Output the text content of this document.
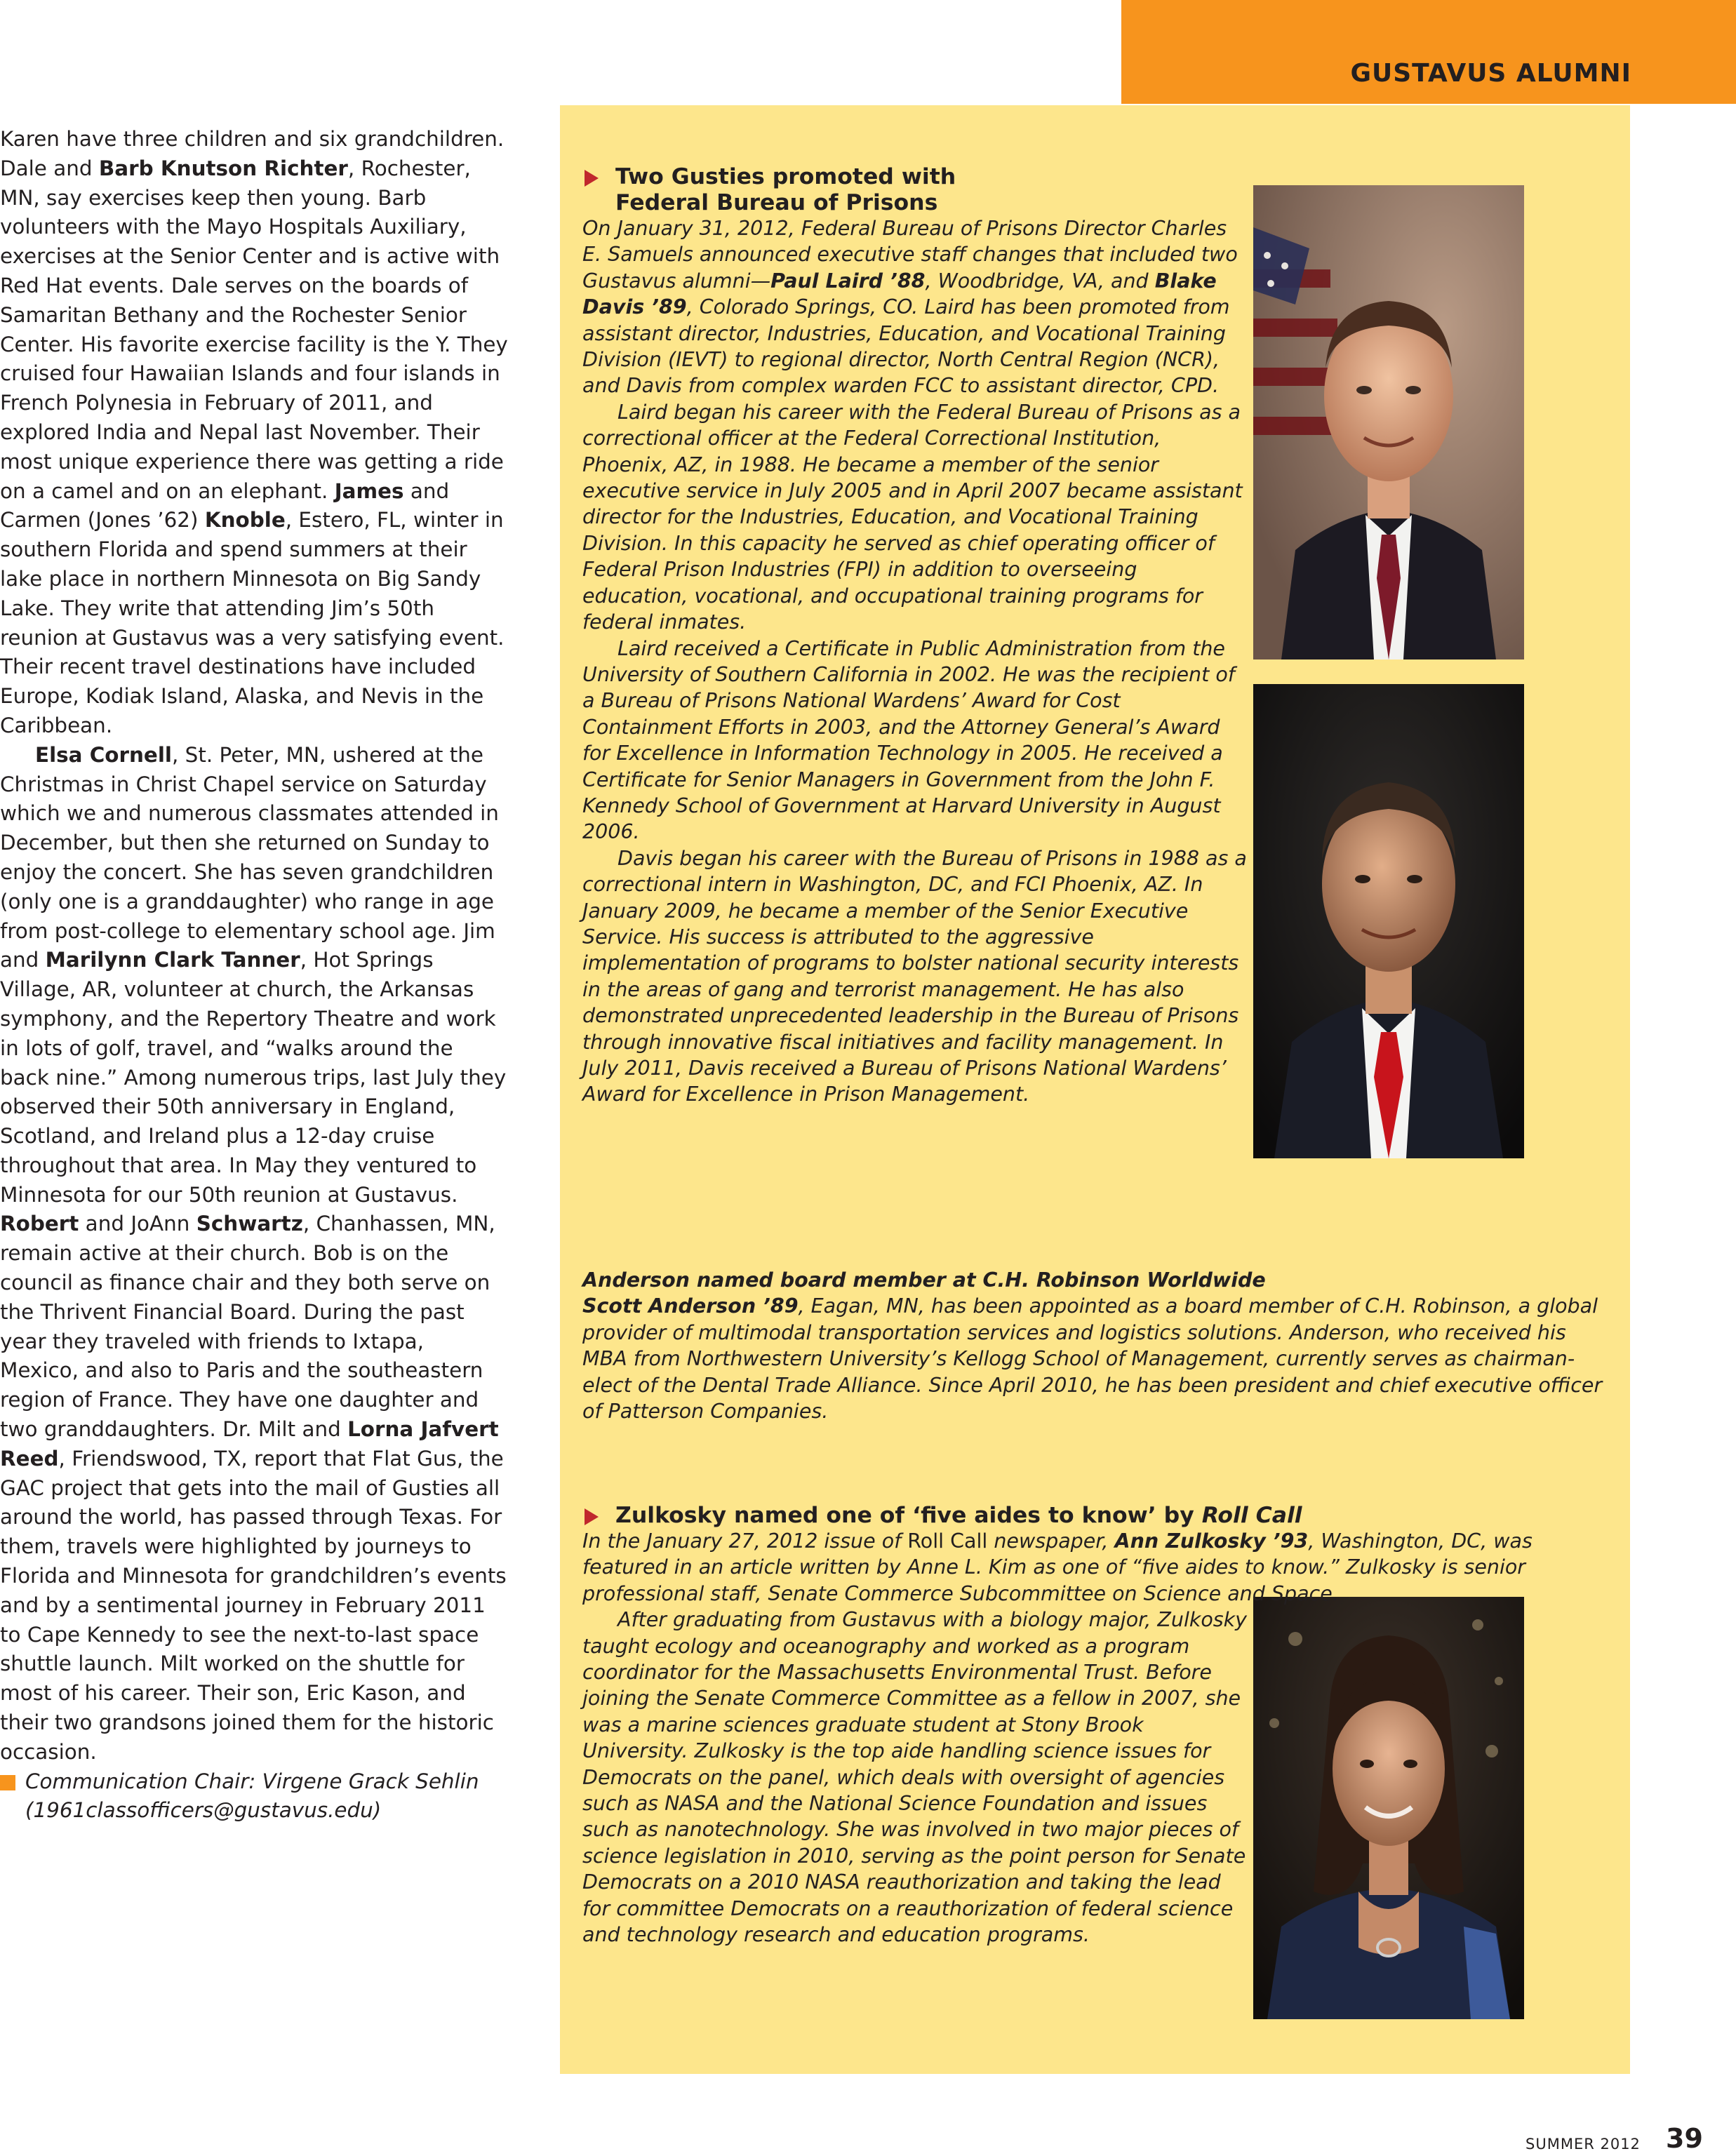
GUSTAVUS ALUMNI

Karen have three children and six grandchildren. Dale and Barb Knutson Richter, Rochester, MN, say exercises keep then young. Barb volunteers with the Mayo Hospitals Auxiliary, exercises at the Senior Center and is active with Red Hat events. Dale serves on the boards of Samaritan Bethany and the Rochester Senior Center. His favorite exercise facility is the Y. They cruised four Hawaiian Islands and four islands in French Polynesia in February of 2011, and explored India and Nepal last November. Their most unique experience there was getting a ride on a camel and on an elephant. James and Carmen (Jones ’62) Knoble, Estero, FL, winter in southern Florida and spend summers at their lake place in northern Minnesota on Big Sandy Lake. They write that attending Jim’s 50th reunion at Gustavus was a very satisfying event. Their recent travel destinations have included Europe, Kodiak Island, Alaska, and Nevis in the Caribbean.

Elsa Cornell, St. Peter, MN, ushered at the Christmas in Christ Chapel service on Saturday which we and numerous classmates attended in December, but then she returned on Sunday to enjoy the concert. She has seven grandchildren (only one is a granddaughter) who range in age from post-college to elementary school age. Jim and Marilynn Clark Tanner, Hot Springs Village, AR, volunteer at church, the Arkansas symphony, and the Repertory Theatre and work in lots of golf, travel, and “walks around the back nine.” Among numerous trips, last July they observed their 50th anniversary in England, Scotland, and Ireland plus a 12-day cruise throughout that area. In May they ventured to Minnesota for our 50th reunion at Gustavus. Robert and JoAnn Schwartz, Chanhassen, MN, remain active at their church. Bob is on the council as finance chair and they both serve on the Thrivent Financial Board. During the past year they traveled with friends to Ixtapa, Mexico, and also to Paris and the southeastern region of France. They have one daughter and two granddaughters. Dr. Milt and Lorna Jafvert Reed, Friendswood, TX, report that Flat Gus, the GAC project that gets into the mail of Gusties all around the world, has passed through Texas. For them, travels were highlighted by journeys to Florida and Minnesota for grandchildren’s events and by a sentimental journey in February 2011 to Cape Kennedy to see the next-to-last space shuttle launch. Milt worked on the shuttle for most of his career. Their son, Eric Kason, and their two grandsons joined them for the historic occasion.

Communication Chair: Virgene Grack Sehlin (1961classofficers@gustavus.edu)

Two Gusties promoted with
Federal Bureau of Prisons

On January 31, 2012, Federal Bureau of Prisons Director Charles E. Samuels announced executive staff changes that included two Gustavus alumni—Paul Laird ’88, Woodbridge, VA, and Blake Davis ’89, Colorado Springs, CO. Laird has been promoted from assistant director, Industries, Education, and Vocational Training Division (IEVT) to regional director, North Central Region (NCR), and Davis from complex warden FCC to assistant director, CPD.

Laird began his career with the Federal Bureau of Prisons as a correctional officer at the Federal Correctional Institution, Phoenix, AZ, in 1988. He became a member of the senior executive service in July 2005 and in April 2007 became assistant director for the Industries, Education, and Vocational Training Division. In this capacity he served as chief operating officer of Federal Prison Industries (FPI) in addition to overseeing education, vocational, and occupational training programs for federal inmates.

Laird received a Certificate in Public Administration from the University of Southern California in 2002. He was the recipient of a Bureau of Prisons National Wardens’ Award for Cost Containment Efforts in 2003, and the Attorney General’s Award for Excellence in Information Technology in 2005. He received a Certificate for Senior Managers in Government from the John F. Kennedy School of Government at Harvard University in August 2006.

Davis began his career with the Bureau of Prisons in 1988 as a correctional intern in Washington, DC, and FCI Phoenix, AZ. In January 2009, he became a member of the Senior Executive Service. His success is attributed to the aggressive implementation of programs to bolster national security interests in the areas of gang and terrorist management. He has also demonstrated unprecedented leadership in the Bureau of Prisons through innovative fiscal initiatives and facility management. In July 2011, Davis received a Bureau of Prisons National Wardens’ Award for Excellence in Prison Management.

Anderson named board member at C.H. Robinson Worldwide

Scott Anderson ’89, Eagan, MN, has been appointed as a board member of C.H. Robinson, a global provider of multimodal transportation services and logistics solutions. Anderson, who received his MBA from Northwestern University’s Kellogg School of Management, currently serves as chairman-elect of the Dental Trade Alliance. Since April 2010, he has been president and chief executive officer of Patterson Companies.

Zulkosky named one of ‘five aides to know’ by Roll Call

In the January 27, 2012 issue of Roll Call newspaper, Ann Zulkosky ’93, Washington, DC, was featured in an article written by Anne L. Kim as one of “five aides to know.” Zulkosky is senior professional staff, Senate Commerce Subcommittee on Science and Space.

After graduating from Gustavus with a biology major, Zulkosky taught ecology and oceanography and worked as a program coordinator for the Massachusetts Environmental Trust. Before joining the Senate Commerce Committee as a fellow in 2007, she was a marine sciences graduate student at Stony Brook University. Zulkosky is the top aide handling science issues for Democrats on the panel, which deals with oversight of agencies such as NASA and the National Science Foundation and issues such as nanotechnology. She was involved in two major pieces of science legislation in 2010, serving as the point person for Senate Democrats on a 2010 NASA reauthorization and taking the lead for committee Democrats on a reauthorization of federal science and technology research and education programs.

SUMMER 2012 39
